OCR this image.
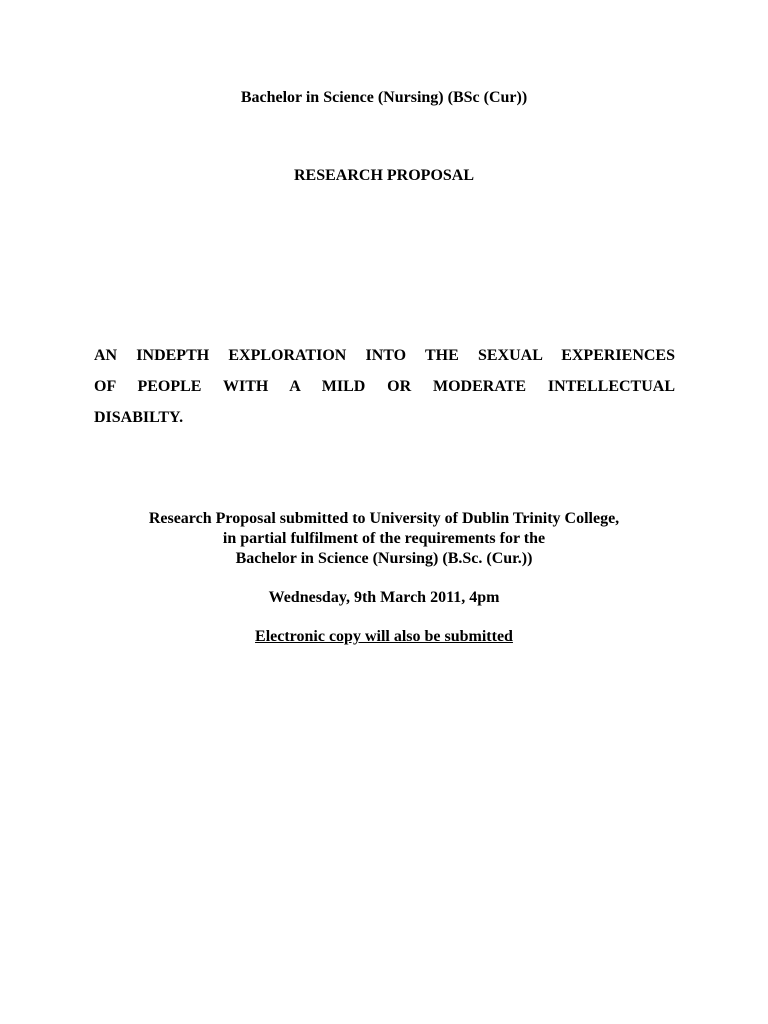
Bachelor in Science (Nursing) (BSc (Cur))
RESEARCH PROPOSAL
AN INDEPTH EXPLORATION INTO THE SEXUAL EXPERIENCES
OF PEOPLE WITH A MILD OR MODERATE INTELLECTUAL
DISABILTY.
Research Proposal submitted to University of Dublin Trinity College,
in partial fulfilment of the requirements for the
Bachelor in Science (Nursing) (B.Sc. (Cur.))
Wednesday, 9th March 2011, 4pm
Electronic copy will also be submitted
